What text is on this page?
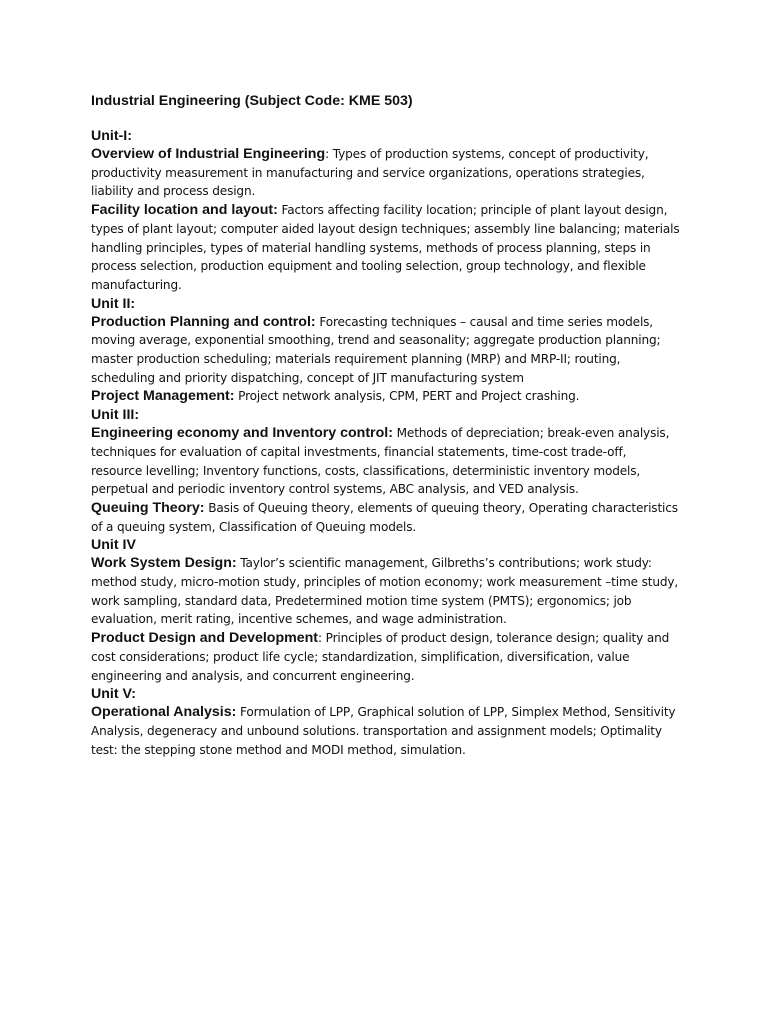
Industrial Engineering (Subject Code: KME 503)
Unit-I:
Overview of Industrial Engineering: Types of production systems, concept of productivity, productivity measurement in manufacturing and service organizations, operations strategies, liability and process design.
Facility location and layout: Factors affecting facility location; principle of plant layout design, types of plant layout; computer aided layout design techniques; assembly line balancing; materials handling principles, types of material handling systems, methods of process planning, steps in process selection, production equipment and tooling selection, group technology, and flexible manufacturing.
Unit II:
Production Planning and control: Forecasting techniques – causal and time series models, moving average, exponential smoothing, trend and seasonality; aggregate production planning; master production scheduling; materials requirement planning (MRP) and MRP-II; routing, scheduling and priority dispatching, concept of JIT manufacturing system
Project Management: Project network analysis, CPM, PERT and Project crashing.
Unit III:
Engineering economy and Inventory control: Methods of depreciation; break-even analysis, techniques for evaluation of capital investments, financial statements, time-cost trade-off, resource levelling; Inventory functions, costs, classifications, deterministic inventory models, perpetual and periodic inventory control systems, ABC analysis, and VED analysis.
Queuing Theory: Basis of Queuing theory, elements of queuing theory, Operating characteristics of a queuing system, Classification of Queuing models.
Unit IV
Work System Design: Taylor’s scientific management, Gilbreths’s contributions; work study: method study, micro-motion study, principles of motion economy; work measurement –time study, work sampling, standard data, Predetermined motion time system (PMTS); ergonomics; job evaluation, merit rating, incentive schemes, and wage administration.
Product Design and Development: Principles of product design, tolerance design; quality and cost considerations; product life cycle; standardization, simplification, diversification, value engineering and analysis, and concurrent engineering.
Unit V:
Operational Analysis: Formulation of LPP, Graphical solution of LPP, Simplex Method, Sensitivity Analysis, degeneracy and unbound solutions. transportation and assignment models; Optimality test: the stepping stone method and MODI method, simulation.
